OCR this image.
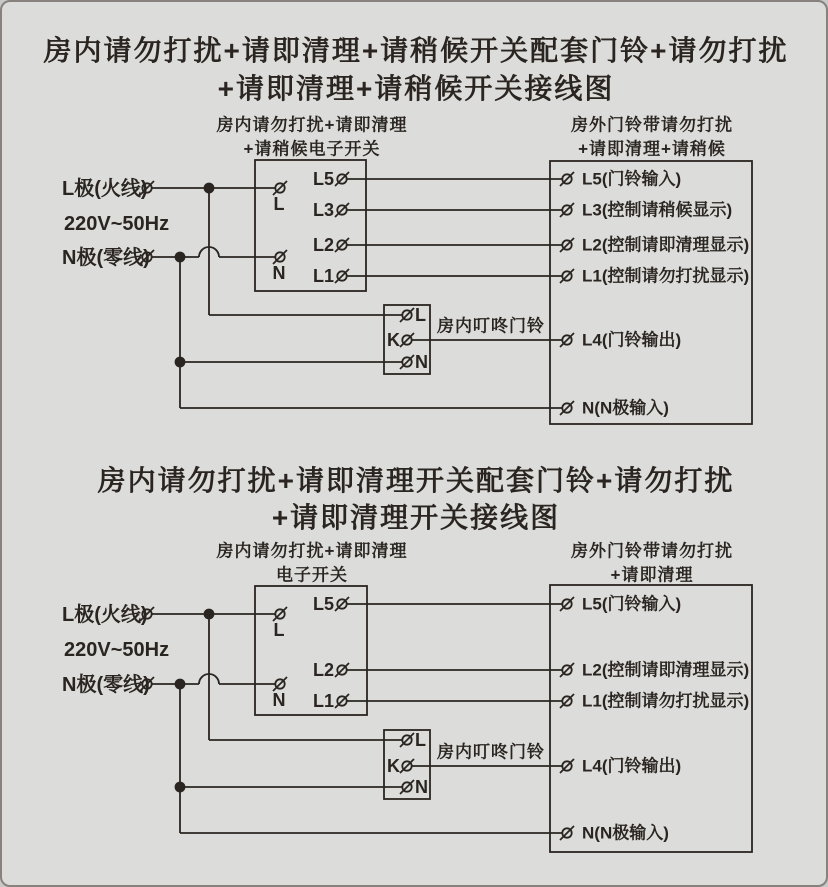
房内请勿打扰+请即清理+请稍候开关配套门铃+请勿打扰
+请即清理+请稍候开关接线图
房内请勿打扰+请即清理
+请稍候电子开关
房外门铃带请勿打扰
+请即清理+请稍候
L极(火线)
220V~50Hz
N极(零线)
L
N
L5
L3
L2
L1
L
K
N
房内叮咚门铃
L5(门铃输入)
L3(控制请稍候显示)
L2(控制请即清理显示)
L1(控制请勿打扰显示)
L4(门铃输出)
N(N极输入)
房内请勿打扰+请即清理开关配套门铃+请勿打扰
+请即清理开关接线图
房内请勿打扰+请即清理
电子开关
房外门铃带请勿打扰
+请即清理
L极(火线)
220V~50Hz
N极(零线)
L
N
L5
L2
L1
L
K
N
房内叮咚门铃
L5(门铃输入)
L2(控制请即清理显示)
L1(控制请勿打扰显示)
L4(门铃输出)
N(N极输入)
